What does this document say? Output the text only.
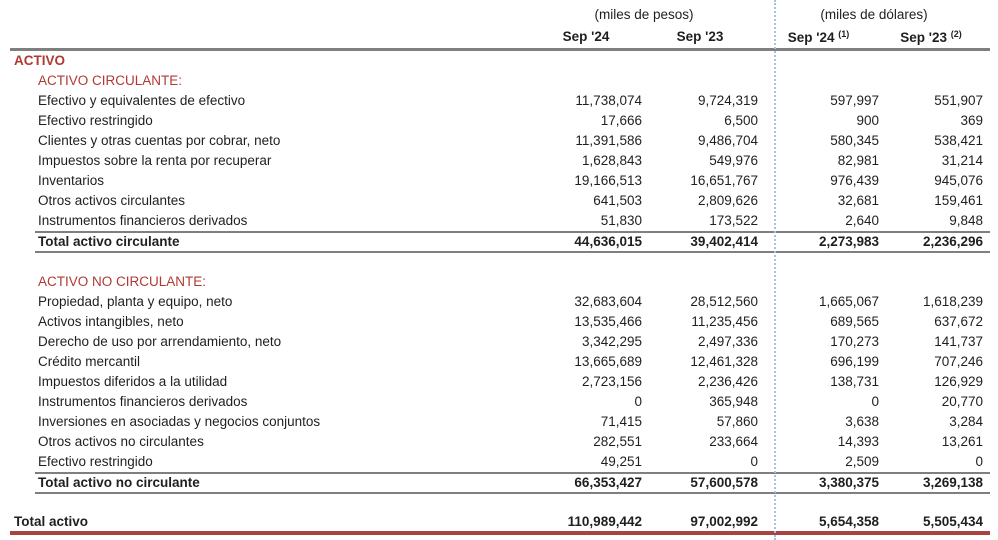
(miles de pesos)	(miles de dólares)
Sep '24	Sep '23	Sep '24 $^{(1)}$	Sep '23 $^{(2)}$
ACTIVO
ACTIVO CIRCULANTE:
Efectivo y equivalentes de efectivo	11,738,074	9,724,319	597,997	551,907
Efectivo restringido	17,666	6,500	900	369
Clientes y otras cuentas por cobrar, neto	11,391,586	9,486,704	580,345	538,421
Impuestos sobre la renta por recuperar	1,628,843	549,976	82,981	31,214
Inventarios	19,166,513	16,651,767	976,439	945,076
Otros activos circulantes	641,503	2,809,626	32,681	159,461
Instrumentos financieros derivados	51,830	173,522	2,640	9,848
Total activo circulante	44,636,015	39,402,414	2,273,983	2,236,296
ACTIVO NO CIRCULANTE:
Propiedad, planta y equipo, neto	32,683,604	28,512,560	1,665,067	1,618,239
Activos intangibles, neto	13,535,466	11,235,456	689,565	637,672
Derecho de uso por arrendamiento, neto	3,342,295	2,497,336	170,273	141,737
Crédito mercantil	13,665,689	12,461,328	696,199	707,246
Impuestos diferidos a la utilidad	2,723,156	2,236,426	138,731	126,929
Instrumentos financieros derivados	0	365,948	0	20,770
Inversiones en asociadas y negocios conjuntos	71,415	57,860	3,638	3,284
Otros activos no circulantes	282,551	233,664	14,393	13,261
Efectivo restringido	49,251	0	2,509	0
Total activo no circulante	66,353,427	57,600,578	3,380,375	3,269,138
Total activo	110,989,442	97,002,992	5,654,358	5,505,434
